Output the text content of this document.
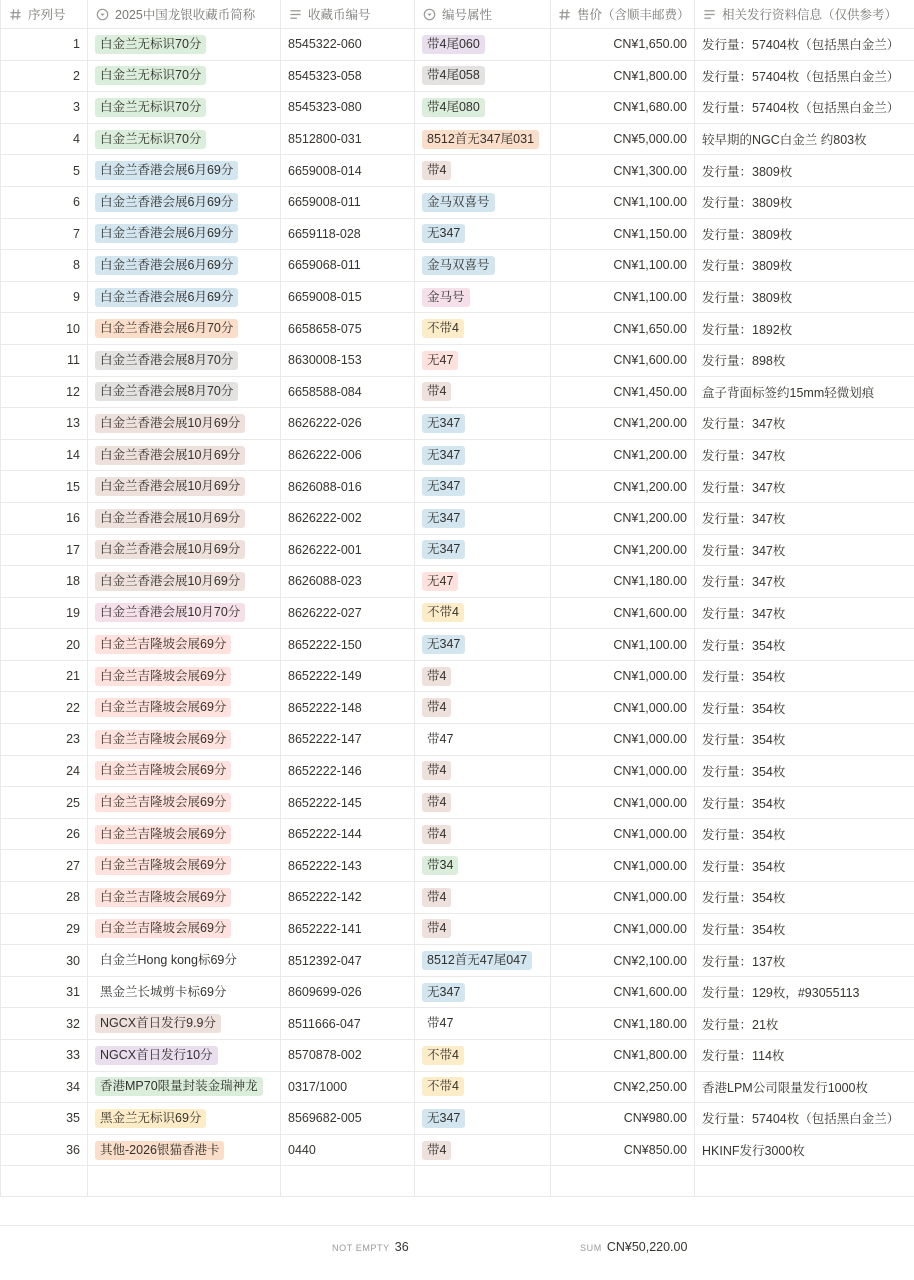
序列号	2025中国龙银收藏币简称	收藏币编号	编号属性	售价（含顺丰邮费）	相关发行资料信息（仅供参考）
1	白金兰无标识70分	8545322-060	带4尾060	CN¥1,650.00 发行量：57404枚（包括黑白金兰）
2	白金兰无标识70分	8545323-058	带4尾058	CN¥1,800.00 发行量：57404枚（包括黑白金兰）
3	白金兰无标识70分	8545323-080	带4尾080	CN¥1,680.00 发行量：57404枚（包括黑白金兰）
4	白金兰无标识70分	8512800-031	8512首无347尾031	CN¥5,000.00 较早期的NGC白金兰 约803枚
5	白金兰香港会展6月69分	6659008-014	带4	CN¥1,300.00 发行量：3809枚
6	白金兰香港会展6月69分	6659008-011	金马双喜号	CN¥1,100.00 发行量：3809枚
7	白金兰香港会展6月69分	6659118-028	无347	CN¥1,150.00 发行量：3809枚
8	白金兰香港会展6月69分	6659068-011	金马双喜号	CN¥1,100.00 发行量：3809枚
9	白金兰香港会展6月69分	6659008-015	金马号	CN¥1,100.00 发行量：3809枚
10	白金兰香港会展6月70分	6658658-075	不带4	CN¥1,650.00 发行量：1892枚
11	白金兰香港会展8月70分	8630008-153	无47	CN¥1,600.00 发行量：898枚
12	白金兰香港会展8月70分	6658588-084	带4	CN¥1,450.00 盒子背面标签约15mm轻微划痕
13	白金兰香港会展10月69分	8626222-026	无347	CN¥1,200.00 发行量：347枚
14	白金兰香港会展10月69分	8626222-006	无347	CN¥1,200.00 发行量：347枚
15	白金兰香港会展10月69分	8626088-016	无347	CN¥1,200.00 发行量：347枚
16	白金兰香港会展10月69分	8626222-002	无347	CN¥1,200.00 发行量：347枚
17	白金兰香港会展10月69分	8626222-001	无347	CN¥1,200.00 发行量：347枚
18	白金兰香港会展10月69分	8626088-023	无47	CN¥1,180.00 发行量：347枚
19	白金兰香港会展10月70分	8626222-027	不带4	CN¥1,600.00 发行量：347枚
20	白金兰吉隆坡会展69分	8652222-150	无347	CN¥1,100.00 发行量：354枚
21	白金兰吉隆坡会展69分	8652222-149	带4	CN¥1,000.00 发行量：354枚
22	白金兰吉隆坡会展69分	8652222-148	带4	CN¥1,000.00 发行量：354枚
23	白金兰吉隆坡会展69分	8652222-147	带47	CN¥1,000.00 发行量：354枚
24	白金兰吉隆坡会展69分	8652222-146	带4	CN¥1,000.00 发行量：354枚
25	白金兰吉隆坡会展69分	8652222-145	带4	CN¥1,000.00 发行量：354枚
26	白金兰吉隆坡会展69分	8652222-144	带4	CN¥1,000.00 发行量：354枚
27	白金兰吉隆坡会展69分	8652222-143	带34	CN¥1,000.00 发行量：354枚
28	白金兰吉隆坡会展69分	8652222-142	带4	CN¥1,000.00 发行量：354枚
29	白金兰吉隆坡会展69分	8652222-141	带4	CN¥1,000.00 发行量：354枚
30	白金兰Hong kong标69分	8512392-047	8512首无47尾047	CN¥2,100.00 发行量：137枚
31	黑金兰长城剪卡标69分	8609699-026	无347	CN¥1,600.00 发行量：129枚，#93055113
32	NGCX首日发行9.9分	8511666-047	带47	CN¥1,180.00 发行量：21枚
33	NGCX首日发行10分	8570878-002	不带4	CN¥1,800.00 发行量：114枚
34	香港MP70限量封装金瑞神龙	0317/1000	不带4	CN¥2,250.00 香港LPM公司限量发行1000枚
35	黑金兰无标识69分	8569682-005	无347	CN¥980.00 发行量：57404枚（包括黑白金兰）
36	其他-2026银猫香港卡	0440	带4	CN¥850.00 HKINF发行3000枚
NOT EMPTY 36	SUM CN¥50,220.00
